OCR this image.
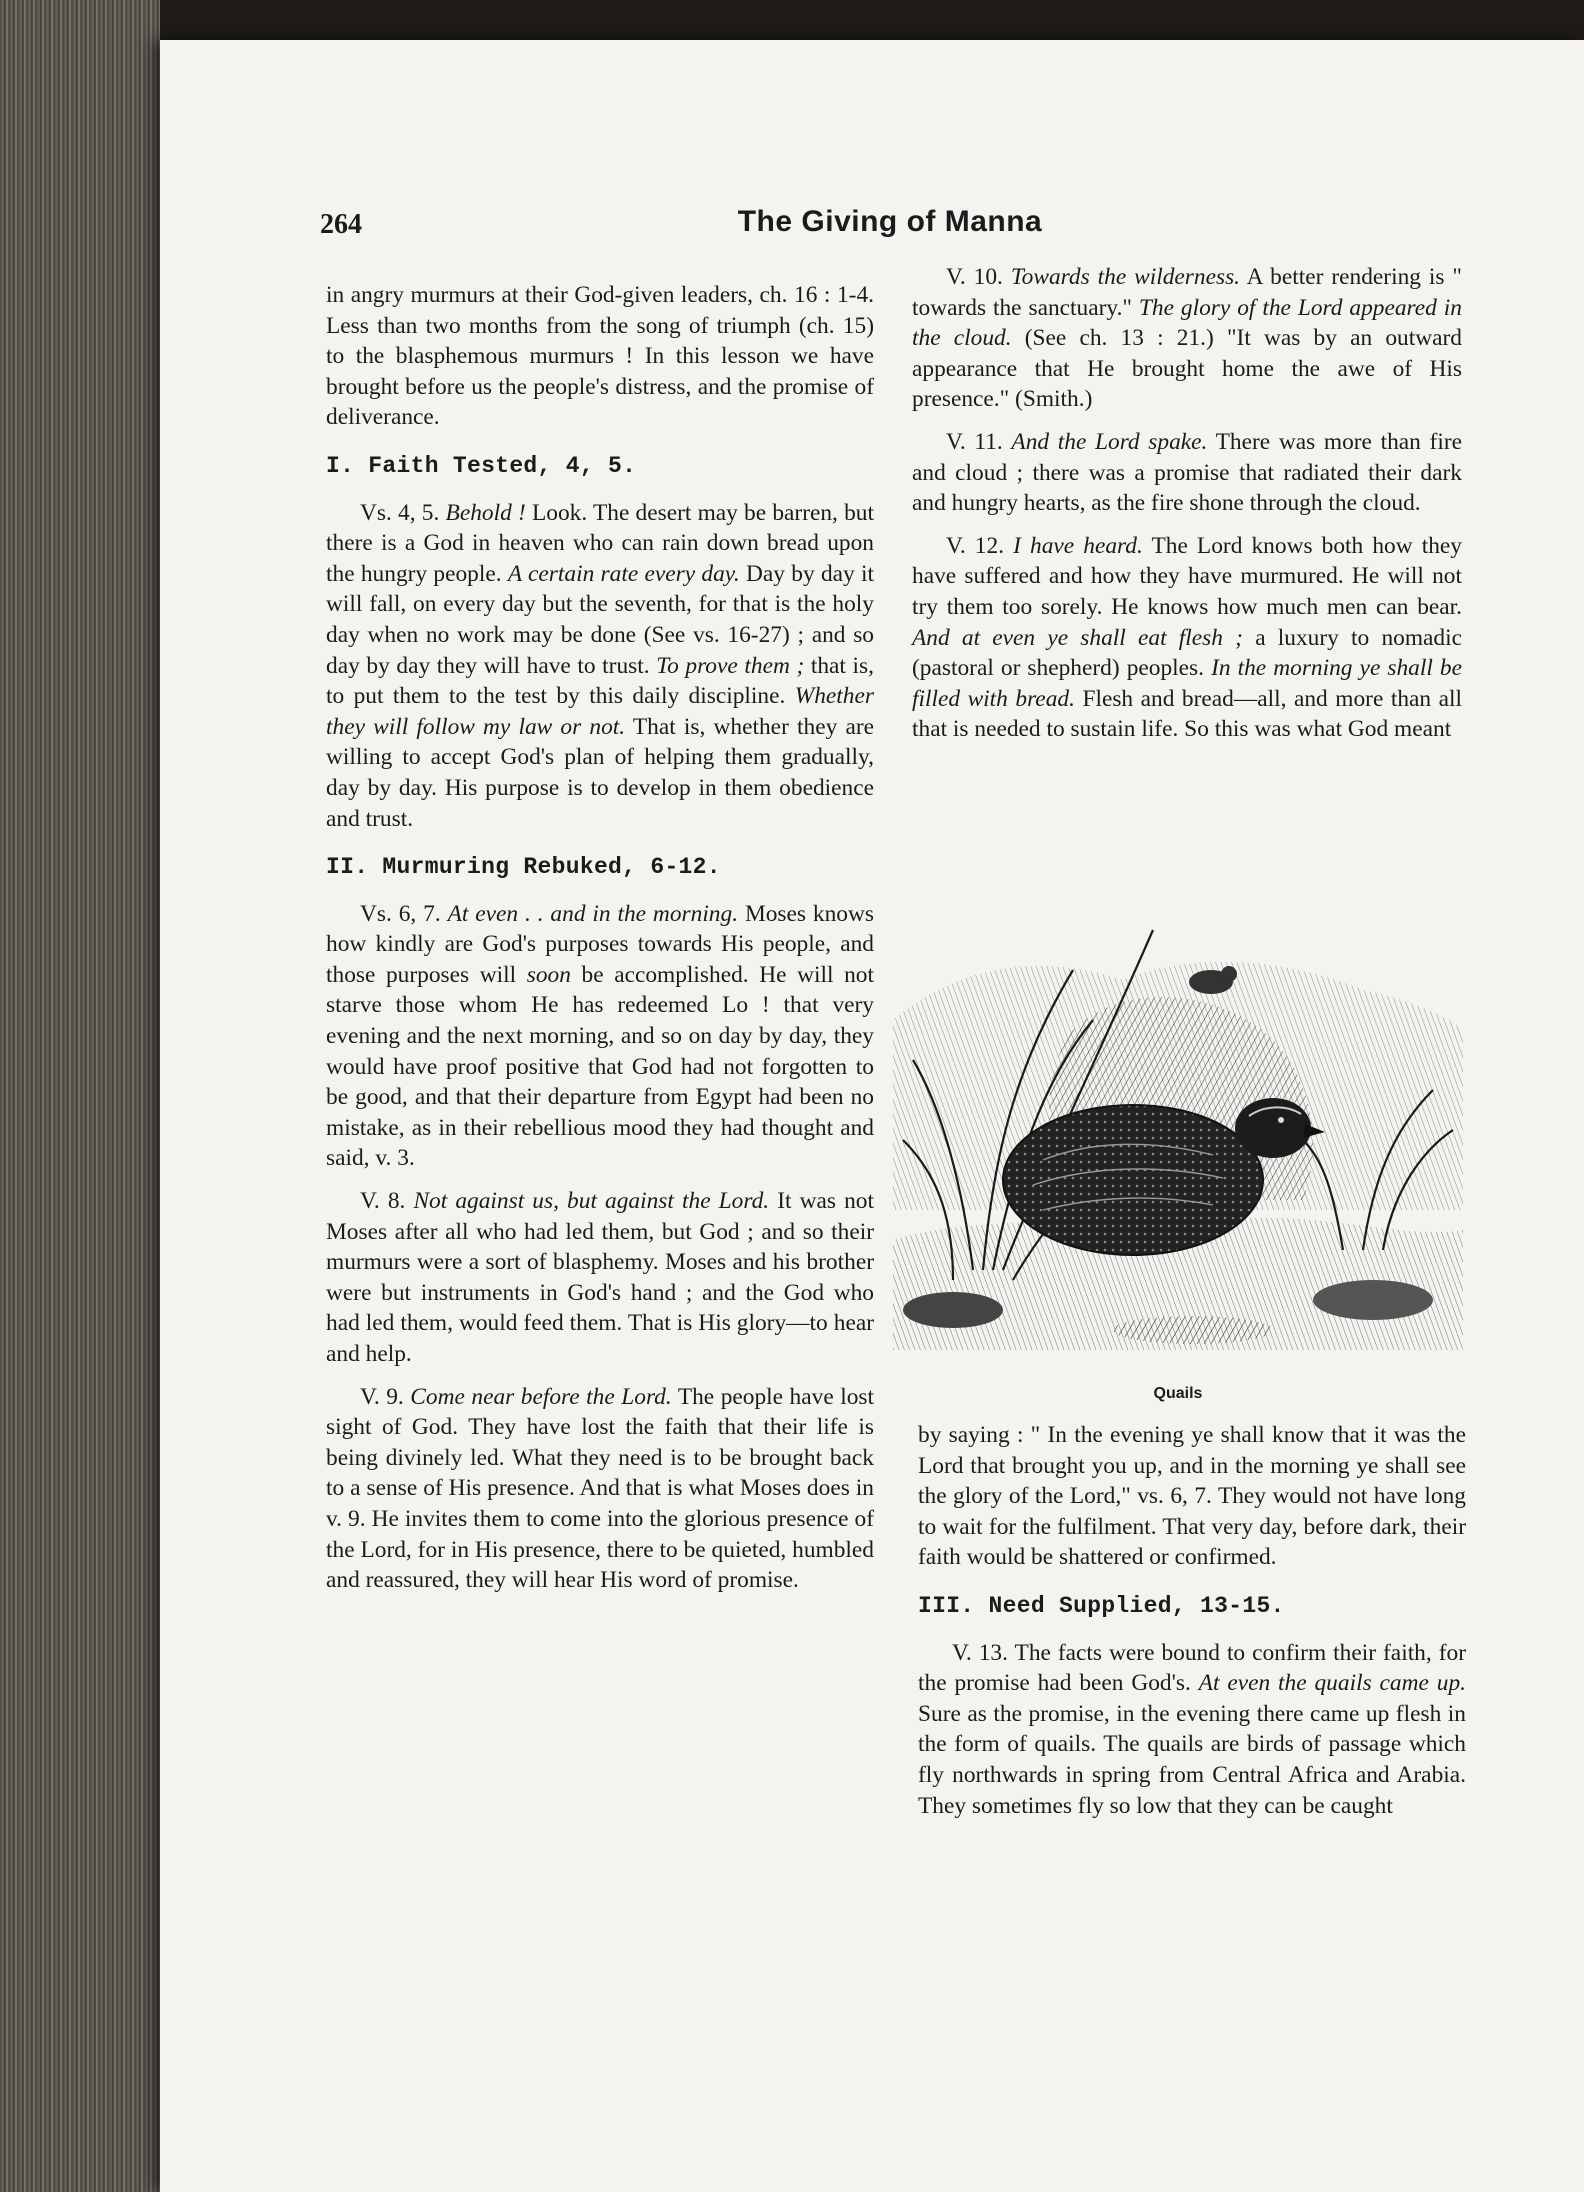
264	The Giving of Manna

in angry murmurs at their God-given leaders, ch. 16 : 1-4. Less than two months from the song of triumph (ch. 15) to the blasphemous murmurs ! In this lesson we have brought before us the people's distress, and the promise of deliverance.

I. Faith Tested, 4, 5.

Vs. 4, 5. Behold ! Look. The desert may be barren, but there is a God in heaven who can rain down bread upon the hungry people. A certain rate every day. Day by day it will fall, on every day but the seventh, for that is the holy day when no work may be done (See vs. 16-27) ; and so day by day they will have to trust. To prove them ; that is, to put them to the test by this daily discipline. Whether they will follow my law or not. That is, whether they are willing to accept God's plan of helping them gradually, day by day. His purpose is to develop in them obedience and trust.

II. Murmuring Rebuked, 6-12.

Vs. 6, 7. At even . . and in the morning. Moses knows how kindly are God's purposes towards His people, and those purposes will soon be accomplished. He will not starve those whom He has redeemed Lo ! that very evening and the next morning, and so on day by day, they would have proof positive that God had not forgotten to be good, and that their departure from Egypt had been no mistake, as in their rebellious mood they had thought and said, v. 3.

V. 8. Not against us, but against the Lord. It was not Moses after all who had led them, but God ; and so their murmurs were a sort of blasphemy. Moses and his brother were but instruments in God's hand ; and the God who had led them, would feed them. That is His glory—to hear and help.

V. 9. Come near before the Lord. The people have lost sight of God. They have lost the faith that their life is being divinely led. What they need is to be brought back to a sense of His presence. And that is what Moses does in v. 9. He invites them to come into the glorious presence of the Lord, for in His presence, there to be quieted, humbled and reassured, they will hear His word of promise.

V. 10. Towards the wilderness. A better rendering is " towards the sanctuary." The glory of the Lord appeared in the cloud. (See ch. 13 : 21.) "It was by an outward appearance that He brought home the awe of His presence." (Smith.)

V. 11. And the Lord spake. There was more than fire and cloud ; there was a promise that radiated their dark and hungry hearts, as the fire shone through the cloud.

V. 12. I have heard. The Lord knows both how they have suffered and how they have murmured. He will not try them too sorely. He knows how much men can bear. And at even ye shall eat flesh ; a luxury to nomadic (pastoral or shepherd) peoples. In the morning ye shall be filled with bread. Flesh and bread—all, and more than all that is needed to sustain life. So this was what God meant

Quails

by saying : " In the evening ye shall know that it was the Lord that brought you up, and in the morning ye shall see the glory of the Lord," vs. 6, 7. They would not have long to wait for the fulfilment. That very day, before dark, their faith would be shattered or confirmed.

III. Need Supplied, 13-15.

V. 13. The facts were bound to confirm their faith, for the promise had been God's. At even the quails came up. Sure as the promise, in the evening there came up flesh in the form of quails. The quails are birds of passage which fly northwards in spring from Central Africa and Arabia. They sometimes fly so low that they can be caught
